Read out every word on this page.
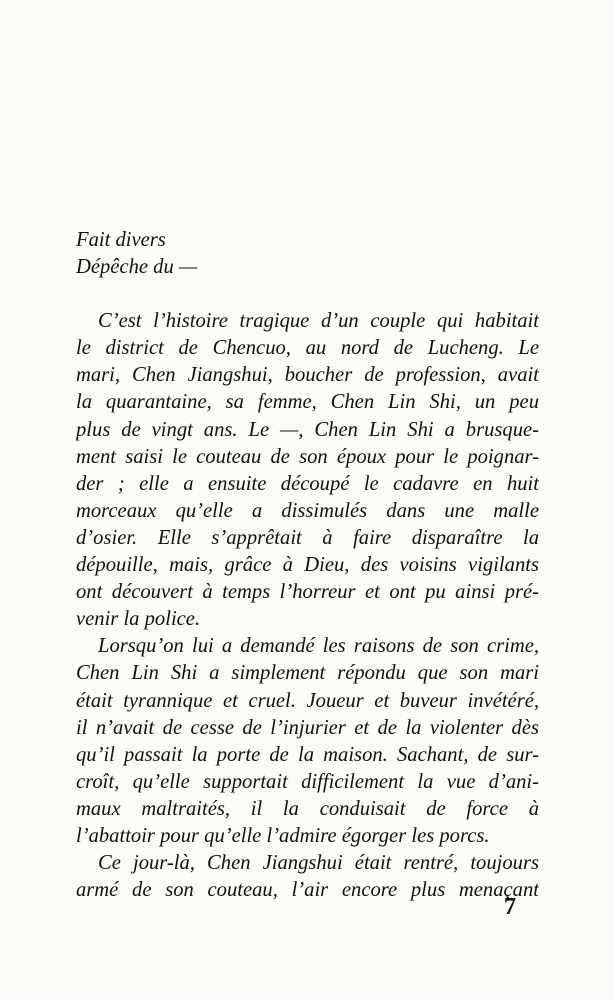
Fait divers
Dépêche du —
C’est l’histoire tragique d’un couple qui habitait
le district de Chencuo, au nord de Lucheng. Le
mari, Chen Jiangshui, boucher de profession, avait
la quarantaine, sa femme, Chen Lin Shi, un peu
plus de vingt ans. Le —, Chen Lin Shi a brusque-
ment saisi le couteau de son époux pour le poignar-
der ; elle a ensuite découpé le cadavre en huit
morceaux qu’elle a dissimulés dans une malle
d’osier. Elle s’apprêtait à faire disparaître la
dépouille, mais, grâce à Dieu, des voisins vigilants
ont découvert à temps l’horreur et ont pu ainsi pré-
venir la police.
Lorsqu’on lui a demandé les raisons de son crime,
Chen Lin Shi a simplement répondu que son mari
était tyrannique et cruel. Joueur et buveur invétéré,
il n’avait de cesse de l’injurier et de la violenter dès
qu’il passait la porte de la maison. Sachant, de sur-
croît, qu’elle supportait difficilement la vue d’ani-
maux maltraités, il la conduisait de force à
l’abattoir pour qu’elle l’admire égorger les porcs.
Ce jour-là, Chen Jiangshui était rentré, toujours
armé de son couteau, l’air encore plus menaçant
7
